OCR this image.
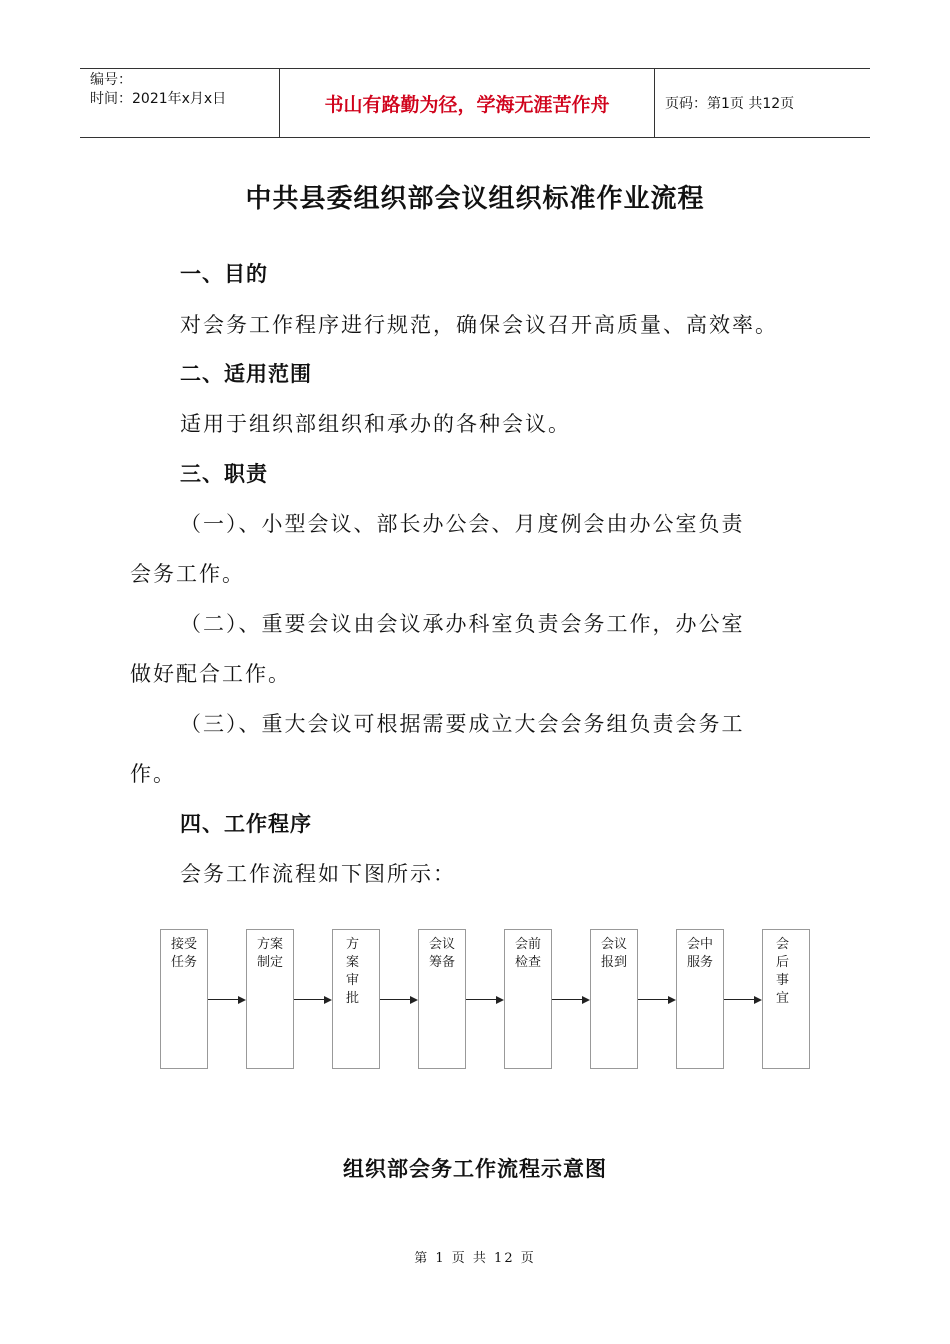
编号：
时间：2021年x月x日	书山有路勤为径，学海无涯苦作舟	页码：第1页 共12页
中共县委组织部会议组织标准作业流程
一、目的
对会务工作程序进行规范，确保会议召开高质量、高效率。
二、适用范围
适用于组织部组织和承办的各种会议。
三、职责
（一）、小型会议、部长办公会、月度例会由办公室负责
会务工作。
（二）、重要会议由会议承办科室负责会务工作，办公室
做好配合工作。
（三）、重大会议可根据需要成立大会会务组负责会务工
作。
四、工作程序
会务工作流程如下图所示：
接受
任务
方案
制定
方
案
审
批
会议
筹备
会前
检查
会议
报到
会中
服务
会
后
事
宜
组织部会务工作流程示意图
第 1 页 共 12 页
